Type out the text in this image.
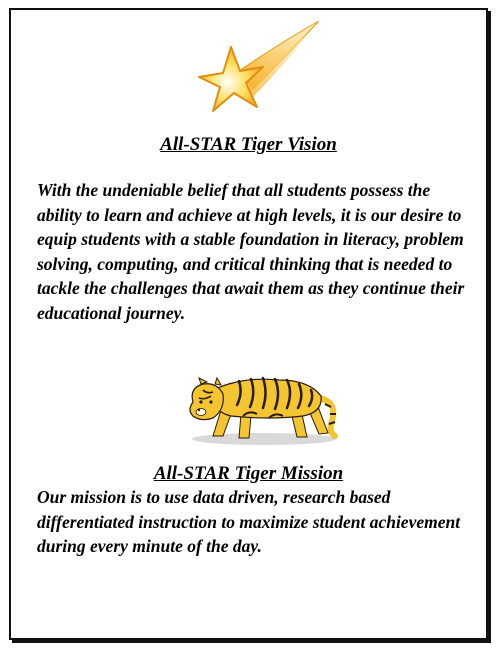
All-STAR Tiger Vision

With the undeniable belief that all students possess the ability to learn and achieve at high levels, it is our desire to equip students with a stable foundation in literacy, problem solving, computing, and critical thinking that is needed to tackle the challenges that await them as they continue their educational journey.

All-STAR Tiger Mission

Our mission is to use data driven, research based differentiated instruction to maximize student achievement during every minute of the day.
